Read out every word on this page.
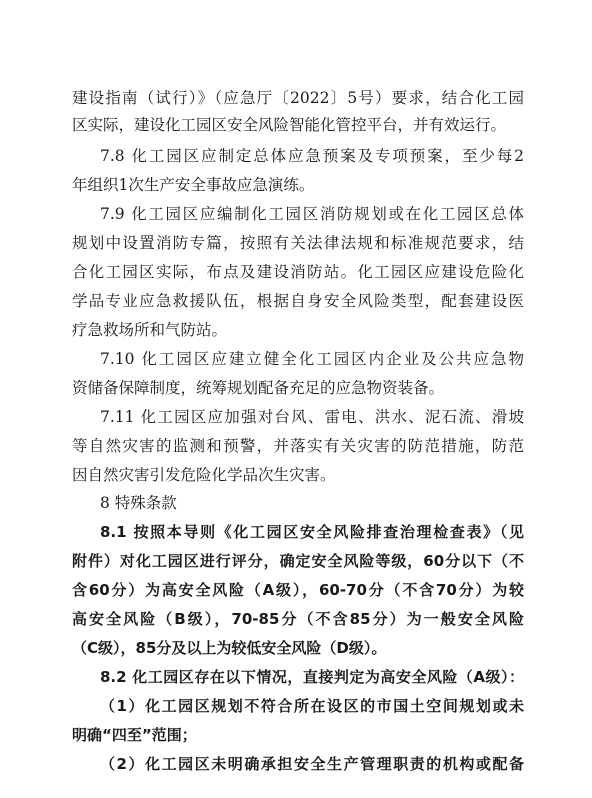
建设指南（试行）》（应急厅〔2022〕5号）要求，结合化工园
区实际，建设化工园区安全风险智能化管控平台，并有效运行。
7.8 化工园区应制定总体应急预案及专项预案，至少每2
年组织1次生产安全事故应急演练。
7.9 化工园区应编制化工园区消防规划或在化工园区总体
规划中设置消防专篇，按照有关法律法规和标准规范要求，结
合化工园区实际，布点及建设消防站。化工园区应建设危险化
学品专业应急救援队伍，根据自身安全风险类型，配套建设医
疗急救场所和气防站。
7.10 化工园区应建立健全化工园区内企业及公共应急物
资储备保障制度，统筹规划配备充足的应急物资装备。
7.11 化工园区应加强对台风、雷电、洪水、泥石流、滑坡
等自然灾害的监测和预警，并落实有关灾害的防范措施，防范
因自然灾害引发危险化学品次生灾害。
8 特殊条款
8.1 按照本导则《化工园区安全风险排查治理检查表》（见
附件）对化工园区进行评分，确定安全风险等级，60分以下（不
含60分）为高安全风险（A级），60-70分（不含70分）为较
高安全风险（B级），70-85分（不含85分）为一般安全风险
（C级），85分及以上为较低安全风险（D级）。
8.2 化工园区存在以下情况，直接判定为高安全风险（A级）：
（1）化工园区规划不符合所在设区的市国土空间规划或未
明确“四至”范围；
（2）化工园区未明确承担安全生产管理职责的机构或配备
